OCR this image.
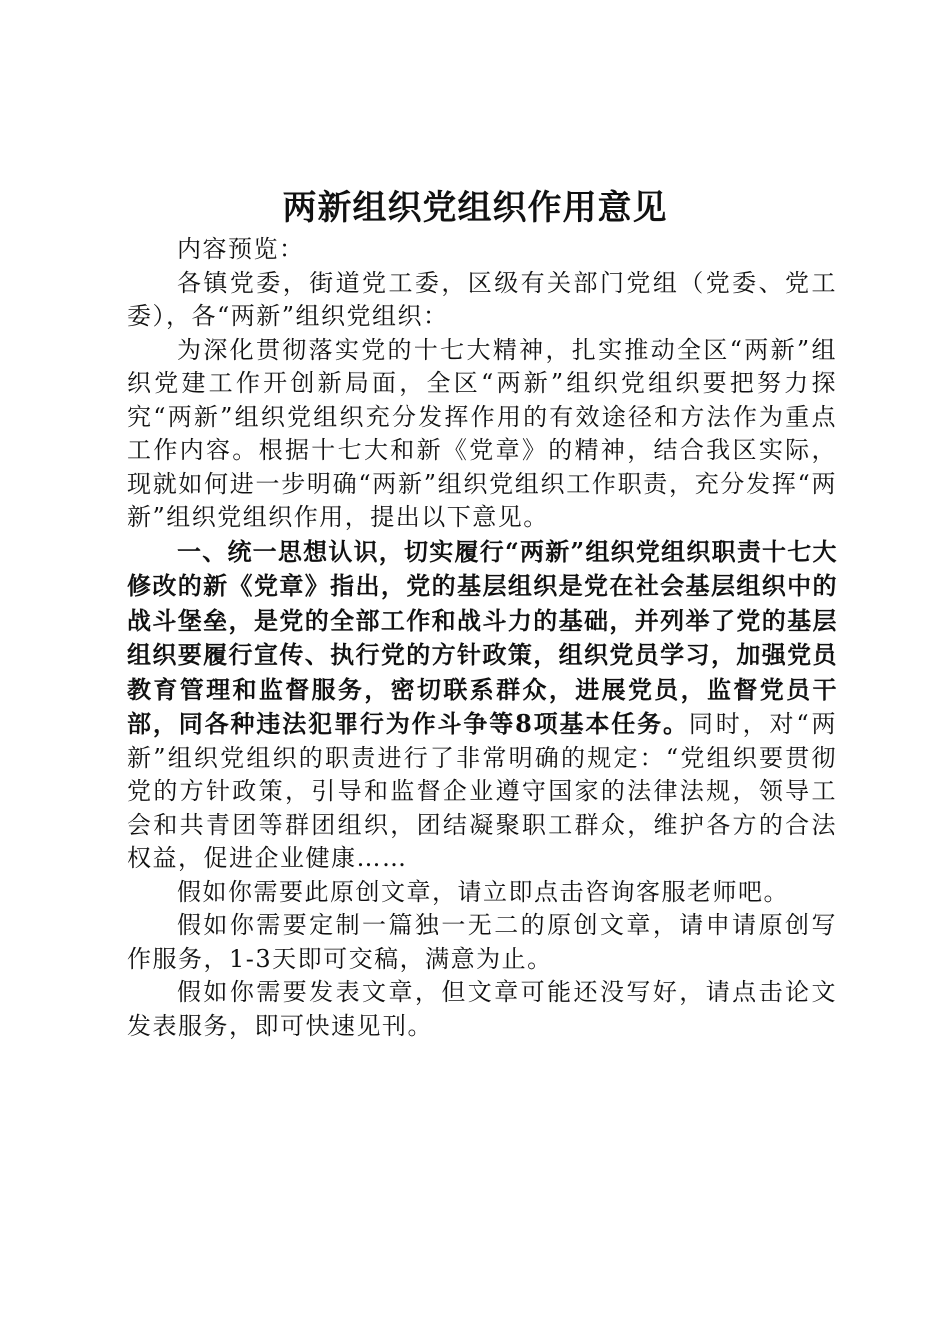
两新组织党组织作用意见

内容预览：

各镇党委，街道党工委，区级有关部门党组（党委、党工委），各“两新”组织党组织：

为深化贯彻落实党的十七大精神，扎实推动全区“两新”组织党建工作开创新局面，全区“两新”组织党组织要把努力探究“两新”组织党组织充分发挥作用的有效途径和方法作为重点工作内容。根据十七大和新《党章》的精神，结合我区实际，现就如何进一步明确“两新”组织党组织工作职责，充分发挥“两新”组织党组织作用，提出以下意见。

一、统一思想认识，切实履行“两新”组织党组织职责十七大修改的新《党章》指出，党的基层组织是党在社会基层组织中的战斗堡垒，是党的全部工作和战斗力的基础，并列举了党的基层组织要履行宣传、执行党的方针政策，组织党员学习，加强党员教育管理和监督服务，密切联系群众，进展党员，监督党员干部，同各种违法犯罪行为作斗争等8项基本任务。同时，对“两新”组织党组织的职责进行了非常明确的规定：“党组织要贯彻党的方针政策，引导和监督企业遵守国家的法律法规，领导工会和共青团等群团组织，团结凝聚职工群众，维护各方的合法权益，促进企业健康……

假如你需要此原创文章，请立即点击咨询客服老师吧。

假如你需要定制一篇独一无二的原创文章，请申请原创写作服务，1-3天即可交稿，满意为止。

假如你需要发表文章，但文章可能还没写好，请点击论文发表服务，即可快速见刊。
